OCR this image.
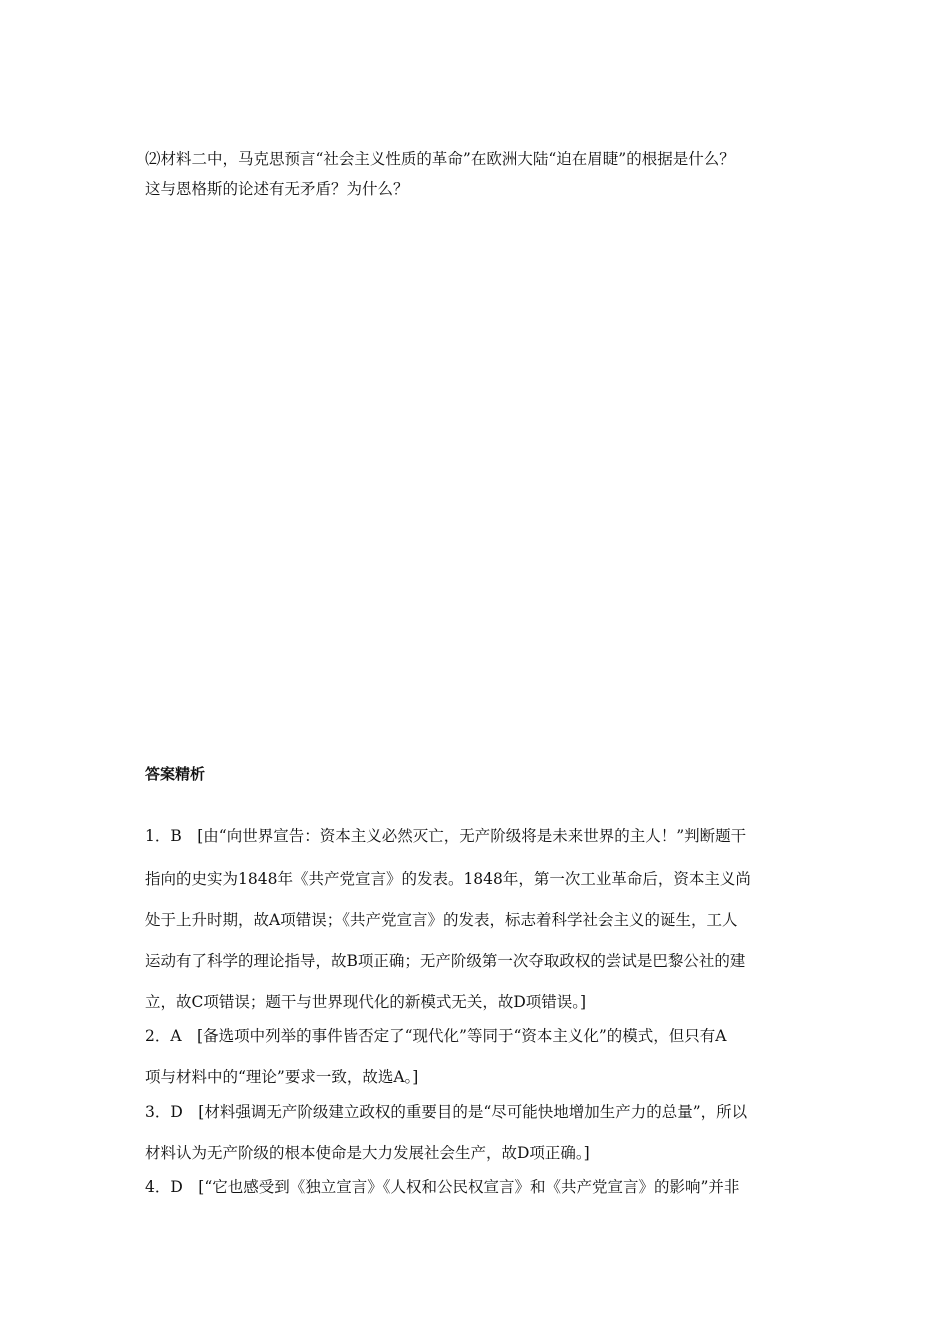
⑵材料二中，马克思预言“社会主义性质的革命”在欧洲大陆“迫在眉睫”的根据是什么？

这与恩格斯的论述有无矛盾？为什么？

答案精析

1．B　[由“向世界宣告：资本主义必然灭亡，无产阶级将是未来世界的主人！”判断题干

指向的史实为1848年《共产党宣言》的发表。1848年，第一次工业革命后，资本主义尚

处于上升时期，故A项错误；《共产党宣言》的发表，标志着科学社会主义的诞生，工人

运动有了科学的理论指导，故B项正确；无产阶级第一次夺取政权的尝试是巴黎公社的建

立，故C项错误；题干与世界现代化的新模式无关，故D项错误。]

2．A　[备选项中列举的事件皆否定了“现代化”等同于“资本主义化”的模式，但只有A

项与材料中的“理论”要求一致，故选A。]

3．D　[材料强调无产阶级建立政权的重要目的是“尽可能快地增加生产力的总量”，所以

材料认为无产阶级的根本使命是大力发展社会生产，故D项正确。]

4．D　[“它也感受到《独立宣言》《人权和公民权宣言》和《共产党宣言》的影响”并非
